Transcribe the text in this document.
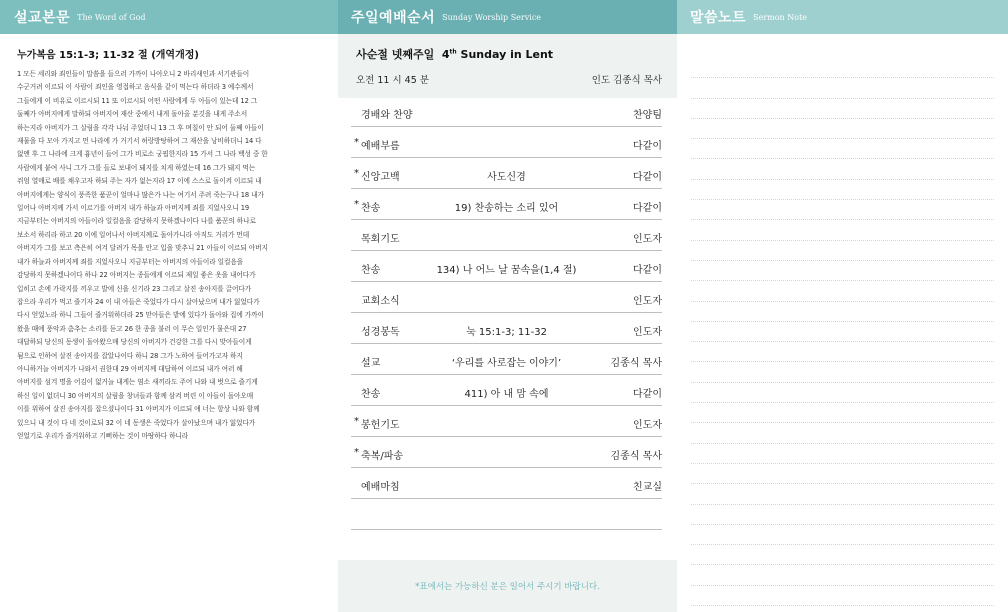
설교본문 The Word of God
누가복음 15:1-3; 11-32 절 (개역개정)
1 모든 세리와 죄인들이 말씀을 들으러 가까이 나아오니 2 바리새인과 서기관들이
수군거려 이르되 이 사람이 죄인을 영접하고 음식을 같이 먹는다 하더라 3 예수께서
그들에게 이 비유로 이르시되 11 또 이르시되 어떤 사람에게 두 아들이 있는데 12 그
둘째가 아버지에게 말하되 아버지여 재산 중에서 내게 돌아올 분깃을 내게 주소서
하는지라 아버지가 그 살림을 각각 나눠 주었더니 13 그 후 며칠이 안 되어 둘째 아들이
재물을 다 모아 가지고 먼 나라에 가 거기서 허랑방탕하여 그 재산을 낭비하더니 14 다
없앤 후 그 나라에 크게 흉년이 들어 그가 비로소 궁핍한지라 15 가서 그 나라 백성 중 한
사람에게 붙여 사니 그가 그를 들로 보내어 돼지를 치게 하였는데 16 그가 돼지 먹는
쥐엄 열매로 배를 채우고자 하되 주는 자가 없는지라 17 이에 스스로 돌이켜 이르되 내
아버지에게는 양식이 풍족한 품꾼이 얼마나 많은가 나는 여기서 주려 죽는구나 18 내가
일어나 아버지께 가서 이르기를 아버지 내가 하늘과 아버지께 죄를 지었사오니 19
지금부터는 아버지의 아들이라 일컬음을 감당하지 못하겠나이다 나를 품꾼의 하나로
보소서 하리라 하고 20 이에 일어나서 아버지께로 돌아가니라 아직도 거리가 먼데
아버지가 그를 보고 측은히 여겨 달려가 목을 안고 입을 맞추니 21 아들이 이르되 아버지
내가 하늘과 아버지께 죄를 지었사오니 지금부터는 아버지의 아들이라 일컬음을
감당하지 못하겠나이다 하나 22 아버지는 종들에게 이르되 제일 좋은 옷을 내어다가
입히고 손에 가락지를 끼우고 발에 신을 신기라 23 그리고 살진 송아지를 끌어다가
잡으라 우리가 먹고 즐기자 24 이 내 아들은 죽었다가 다시 살아났으며 내가 잃었다가
다시 얻었노라 하니 그들이 즐거워하더라 25 맏아들은 밭에 있다가 돌아와 집에 가까이
왔을 때에 풍악과 춤추는 소리를 듣고 26 한 종을 불러 이 무슨 일인가 물은대 27
대답하되 당신의 동생이 돌아왔으매 당신의 아버지가 건강한 그를 다시 맞아들이게
됨으로 인하여 살진 송아지를 잡았나이다 하니 28 그가 노하여 들어가고자 하지
아니하거늘 아버지가 나와서 권한대 29 아버지께 대답하여 이르되 내가 여러 해
아버지를 섬겨 명을 어김이 없거늘 내게는 염소 새끼라도 주어 나와 내 벗으로 즐기게
하신 일이 없더니 30 아버지의 살림을 창녀들과 함께 삼켜 버린 이 아들이 돌아오매
이를 위하여 살진 송아지를 잡으셨나이다 31 아버지가 이르되 얘 너는 항상 나와 함께
있으니 내 것이 다 네 것이로되 32 이 네 동생은 죽었다가 살아났으며 내가 잃었다가
얻었기로 우리가 즐거워하고 기뻐하는 것이 마땅하다 하니라
주일예배순서 Sunday Worship Service
사순절 넷째주일 4th Sunday in Lent
오전 11 시 45 분	인도 김종식 목사
경배와 찬양	찬양팀
* 예배부름	다같이
* 신앙고백	사도신경	다같이
* 찬송	19) 찬송하는 소리 있어	다같이
목회기도	인도자
찬송	134) 나 어느 날 꿈속을(1,4 절)	다같이
교회소식	인도자
성경봉독	눅 15:1-3; 11-32	인도자
설교	‘우리를 사로잡는 이야기’	김종식 목사
찬송	411) 아 내 맘 속에	다같이
* 봉헌기도	인도자
* 축복/파송	김종식 목사
예배마침	친교실
*표에서는 가능하신 분은 일어서 주시기 바랍니다.
말씀노트 Sermon Note
